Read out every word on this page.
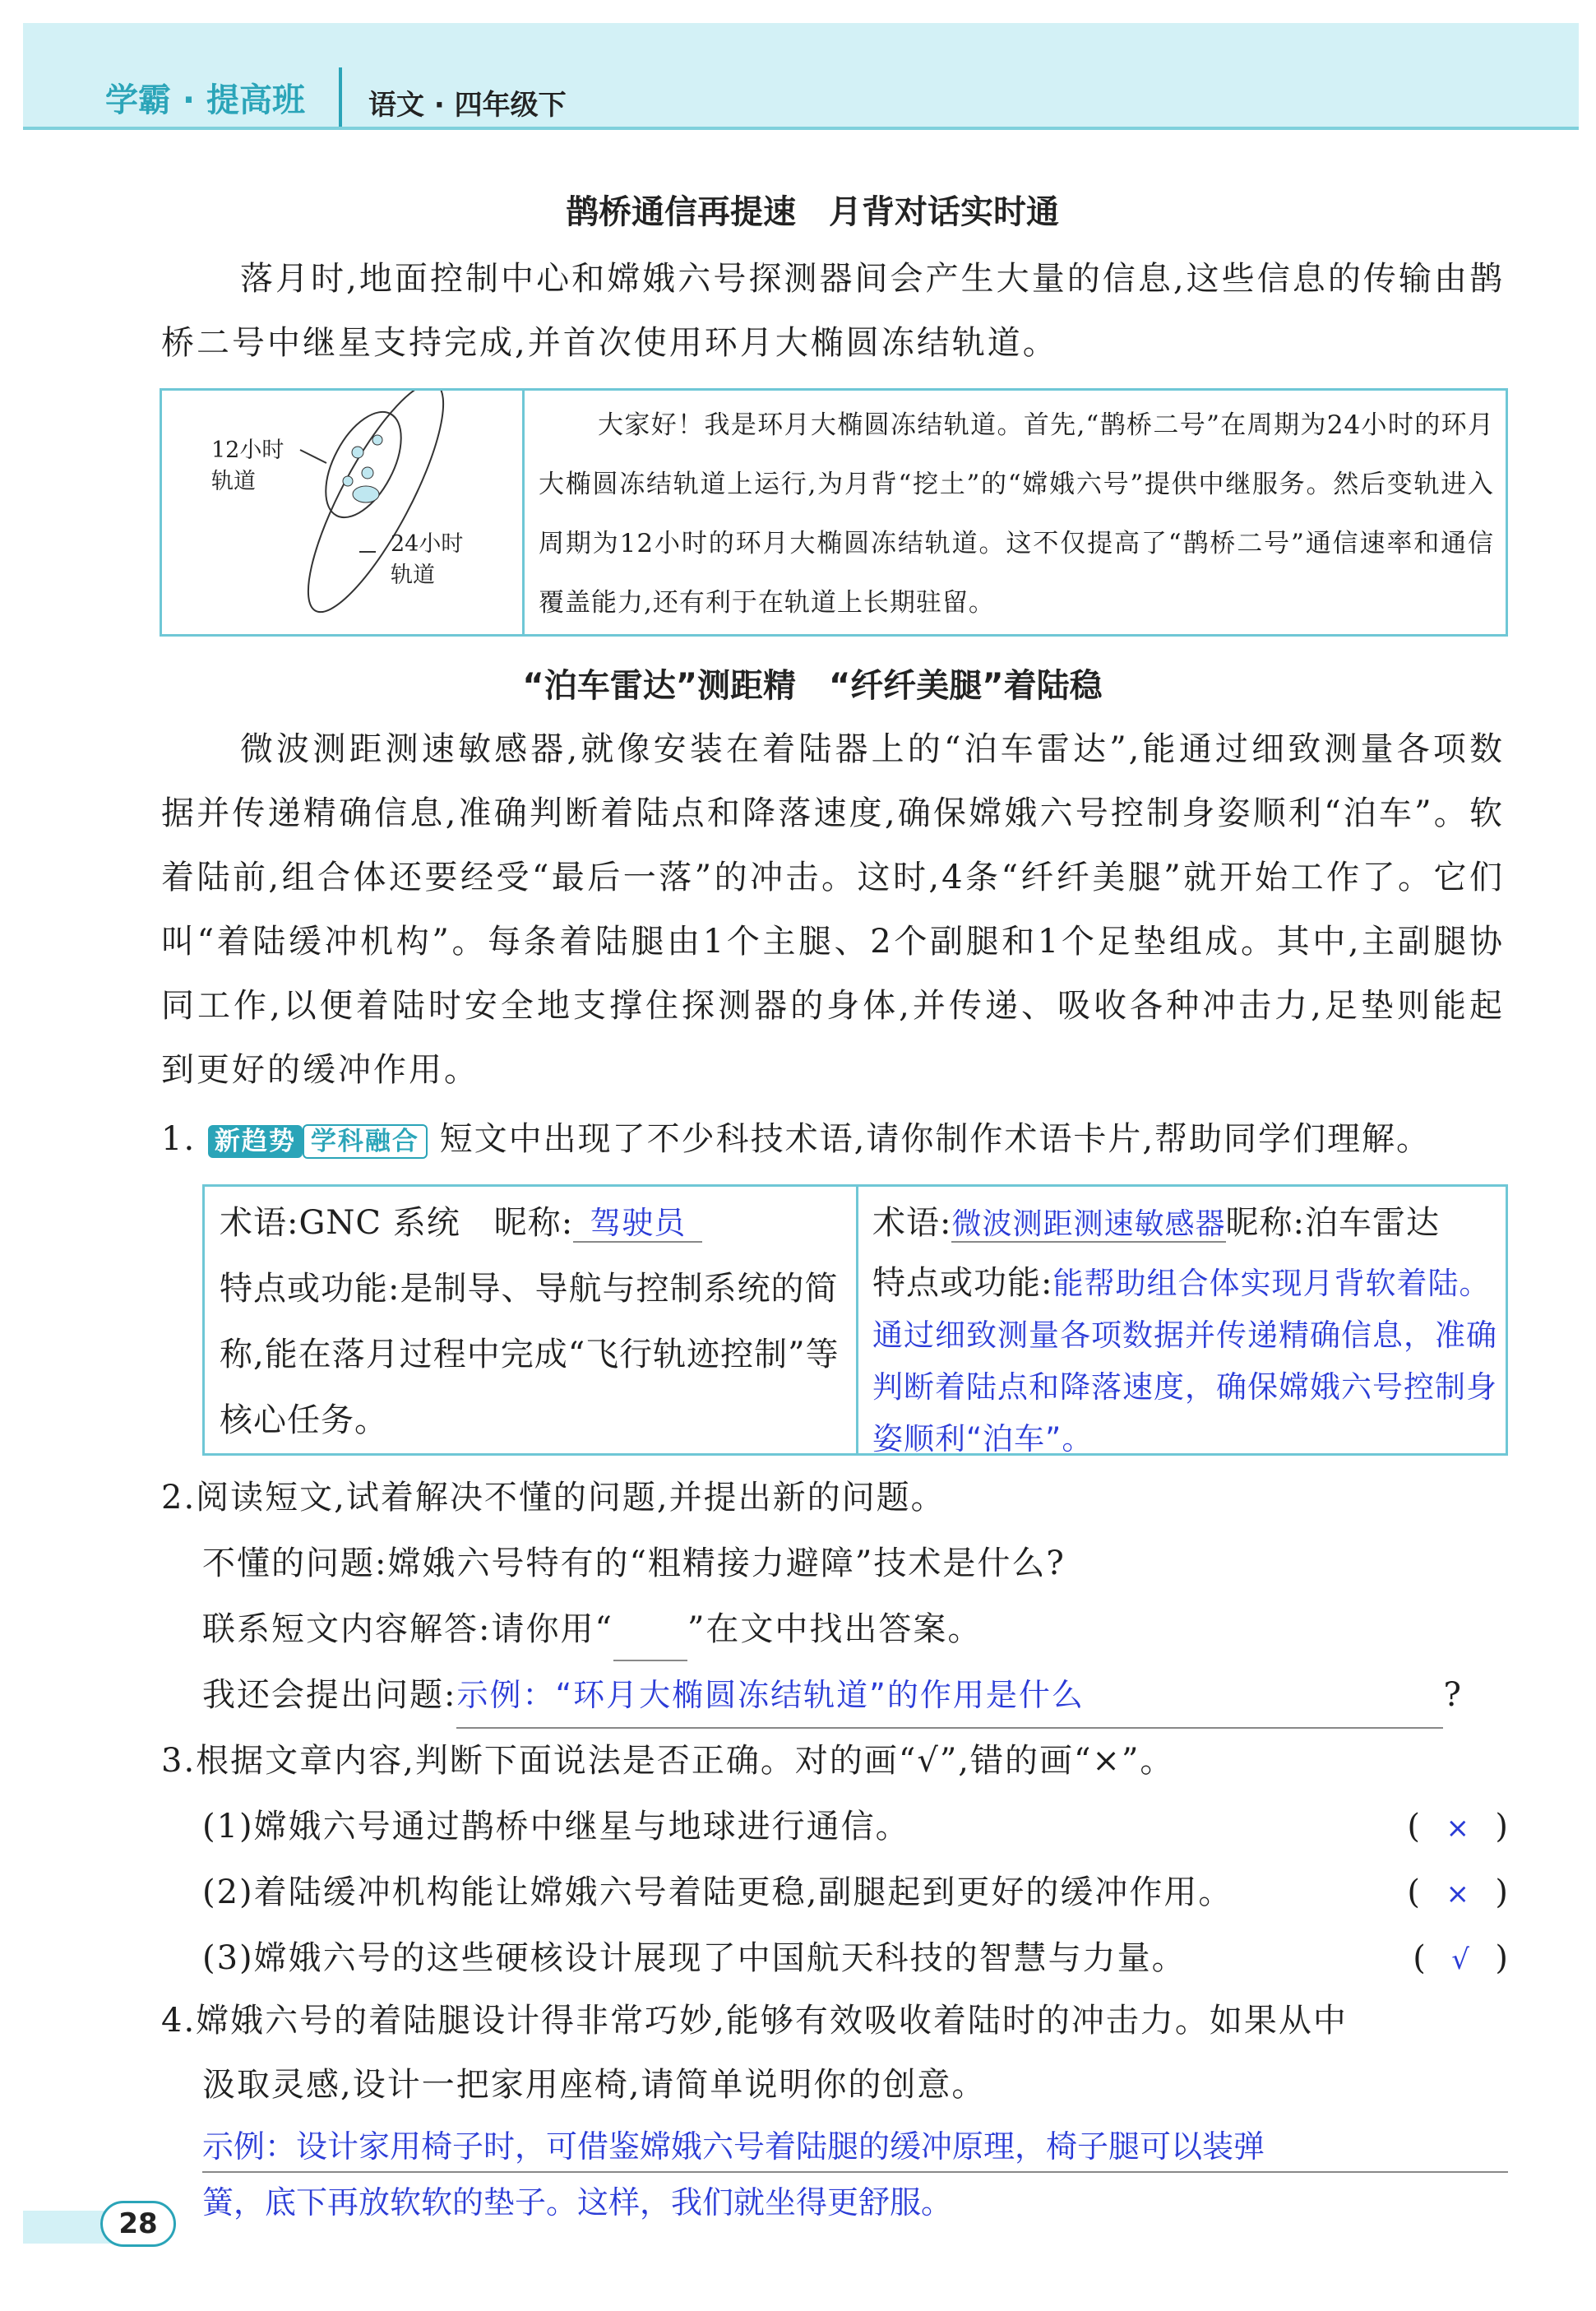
学霸 · 提高班 语文 · 四年级下
鹊桥通信再提速　月背对话实时通
落月时,地面控制中心和嫦娥六号探测器间会产生大量的信息,这些信息的传输由鹊桥二号中继星支持完成,并首次使用环月大椭圆冻结轨道。
12小时
轨道
24小时
轨道
大家好！我是环月大椭圆冻结轨道。首先,“鹊桥二号”在周期为24小时的环月大椭圆冻结轨道上运行,为月背“挖土”的“嫦娥六号”提供中继服务。然后变轨进入周期为12小时的环月大椭圆冻结轨道。这不仅提高了“鹊桥二号”通信速率和通信覆盖能力,还有利于在轨道上长期驻留。
“泊车雷达”测距精　“纤纤美腿”着陆稳
微波测距测速敏感器,就像安装在着陆器上的“泊车雷达”,能通过细致测量各项数据并传递精确信息,准确判断着陆点和降落速度,确保嫦娥六号控制身姿顺利“泊车”。软着陆前,组合体还要经受“最后一落”的冲击。这时,4条“纤纤美腿”就开始工作了。它们叫“着陆缓冲机构”。每条着陆腿由1个主腿、2个副腿和1个足垫组成。其中,主副腿协同工作,以便着陆时安全地支撑住探测器的身体,并传递、吸收各种冲击力,足垫则能起到更好的缓冲作用。
1. 新趋势 学科融合 短文中出现了不少科技术语,请你制作术语卡片,帮助同学们理解。
术语:GNC 系统　昵称: 驾驶员
特点或功能:是制导、导航与控制系统的简称,能在落月过程中完成“飞行轨迹控制”等核心任务。
术语:微波测距测速敏感器昵称:泊车雷达
特点或功能:能帮助组合体实现月背软着陆。通过细致测量各项数据并传递精确信息，准确判断着陆点和降落速度，确保嫦娥六号控制身姿顺利“泊车”。
2.阅读短文,试着解决不懂的问题,并提出新的问题。
不懂的问题:嫦娥六号特有的“粗精接力避障”技术是什么?
联系短文内容解答:请你用“ ”在文中找出答案。
我还会提出问题:示例：“环月大椭圆冻结轨道”的作用是什么	?
3.根据文章内容,判断下面说法是否正确。对的画“√”,错的画“×”。
(1)嫦娥六号通过鹊桥中继星与地球进行通信。	(  ×  )
(2)着陆缓冲机构能让嫦娥六号着陆更稳,副腿起到更好的缓冲作用。	(  ×  )
(3)嫦娥六号的这些硬核设计展现了中国航天科技的智慧与力量。	(  √  )
4.嫦娥六号的着陆腿设计得非常巧妙,能够有效吸收着陆时的冲击力。如果从中
汲取灵感,设计一把家用座椅,请简单说明你的创意。
示例：设计家用椅子时，可借鉴嫦娥六号着陆腿的缓冲原理，椅子腿可以装弹
簧，底下再放软软的垫子。这样，我们就坐得更舒服。
28
